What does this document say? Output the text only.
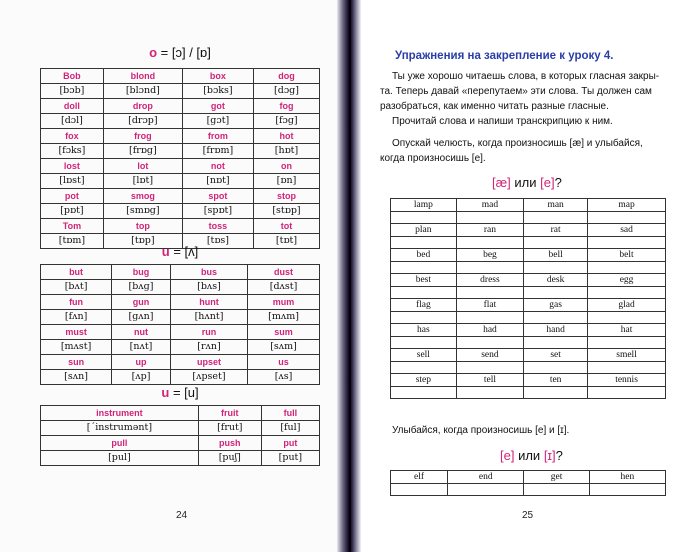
o = [ɔ] / [ɒ]
Bob	blond	box	dog
[bɔb]	[blɔnd]	[bɔks]	[dɔg]
doll	drop	got	fog
[dɔl]	[drɔp]	[gɔt]	[fɔg]
fox	frog	from	hot
[fɔks]	[frɒg]	[frɒm]	[hɒt]
lost	lot	not	on
[lɒst]	[lɒt]	[nɒt]	[ɒn]
pot	smog	spot	stop
[pɒt]	[smɒg]	[spɒt]	[stɒp]
Tom	top	toss	tot
[tɒm]	[tɒp]	[tɒs]	[tɒt]
u = [ʌ]
but	bug	bus	dust
[bʌt]	[bʌg]	[bʌs]	[dʌst]
fun	gun	hunt	mum
[fʌn]	[gʌn]	[hʌnt]	[mʌm]
must	nut	run	sum
[mʌst]	[nʌt]	[rʌn]	[sʌm]
sun	up	upset	us
[sʌn]	[ʌp]	[ʌpset]	[ʌs]
u = [u]
instrument	fruit	full
[´instrumənt]	[frut]	[ful]
pull	push	put
[pul]	[puʃ]	[put]
24
Упражнения на закрепление к уроку 4.
Ты уже хорошо читаешь слова, в которых гласная закры-
та. Теперь давай «перепутаем» эти слова. Ты должен сам
разобраться, как именно читать разные гласные.
Прочитай слова и напиши транскрипцию к ним.
Опускай челюсть, когда произносишь [æ] и улыбайся,
когда произносишь [e].
[æ] или [e]?
lamp	mad	man	map

plan	ran	rat	sad

bed	beg	bell	belt

best	dress	desk	egg

flag	flat	gas	glad

has	had	hand	hat

sell	send	set	smell

step	tell	ten	tennis

Улыбайся, когда произносишь [e] и [ɪ].
[e] или [ɪ]?
elf	end	get	hen

25
